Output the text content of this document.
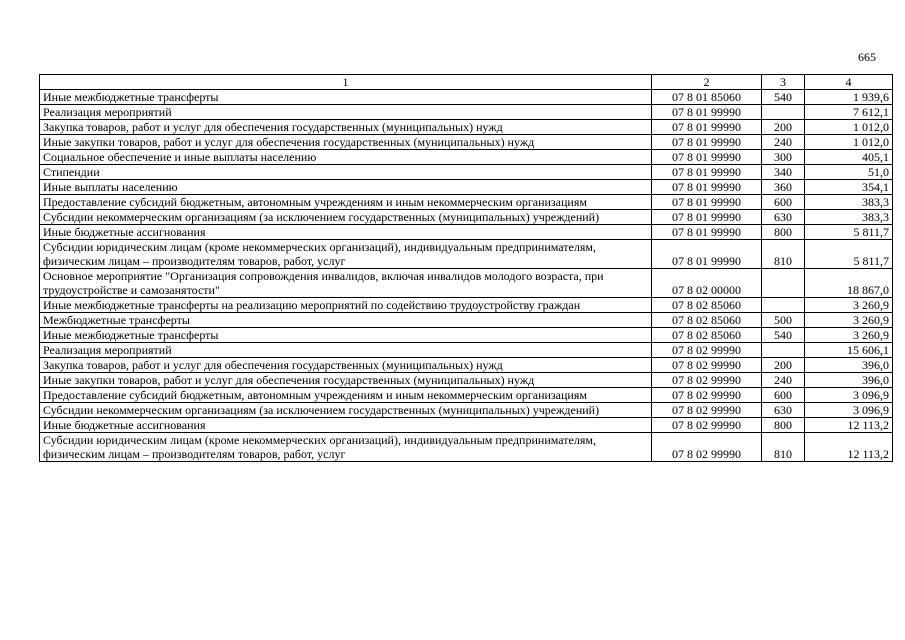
665
1	2	3	4
Иные межбюджетные трансферты	07 8 01 85060	540	1 939,6
Реализация мероприятий	07 8 01 99990		7 612,1
Закупка товаров, работ и услуг для обеспечения государственных (муниципальных) нужд	07 8 01 99990	200	1 012,0
Иные закупки товаров, работ и услуг для обеспечения государственных (муниципальных) нужд	07 8 01 99990	240	1 012,0
Социальное обеспечение и иные выплаты населению	07 8 01 99990	300	405,1
Стипендии	07 8 01 99990	340	51,0
Иные выплаты населению	07 8 01 99990	360	354,1
Предоставление субсидий бюджетным, автономным учреждениям и иным некоммерческим организациям	07 8 01 99990	600	383,3
Субсидии некоммерческим организациям (за исключением государственных (муниципальных) учреждений)	07 8 01 99990	630	383,3
Иные бюджетные ассигнования	07 8 01 99990	800	5 811,7
Субсидии юридическим лицам (кроме некоммерческих организаций), индивидуальным предпринимателям, физическим лицам – производителям товаров, работ, услуг	07 8 01 99990	810	5 811,7
Основное мероприятие "Организация сопровождения инвалидов, включая инвалидов молодого возраста, при трудоустройстве и самозанятости"	07 8 02 00000		18 867,0
Иные межбюджетные трансферты на реализацию мероприятий по содействию трудоустройству граждан	07 8 02 85060		3 260,9
Межбюджетные трансферты	07 8 02 85060	500	3 260,9
Иные межбюджетные трансферты	07 8 02 85060	540	3 260,9
Реализация мероприятий	07 8 02 99990		15 606,1
Закупка товаров, работ и услуг для обеспечения государственных (муниципальных) нужд	07 8 02 99990	200	396,0
Иные закупки товаров, работ и услуг для обеспечения государственных (муниципальных) нужд	07 8 02 99990	240	396,0
Предоставление субсидий бюджетным, автономным учреждениям и иным некоммерческим организациям	07 8 02 99990	600	3 096,9
Субсидии некоммерческим организациям (за исключением государственных (муниципальных) учреждений)	07 8 02 99990	630	3 096,9
Иные бюджетные ассигнования	07 8 02 99990	800	12 113,2
Субсидии юридическим лицам (кроме некоммерческих организаций), индивидуальным предпринимателям, физическим лицам – производителям товаров, работ, услуг	07 8 02 99990	810	12 113,2
